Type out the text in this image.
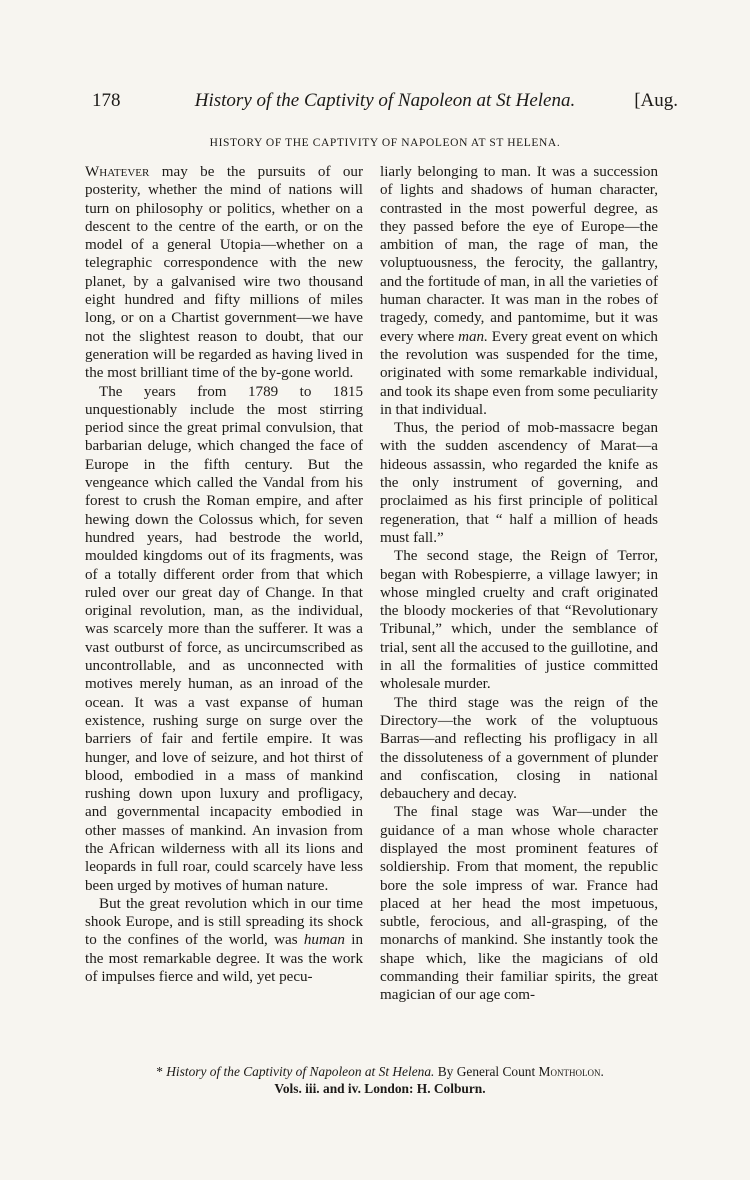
178	History of the Captivity of Napoleon at St Helena.	[Aug.
HISTORY OF THE CAPTIVITY OF NAPOLEON AT ST HELENA.

Whatever may be the pursuits of our posterity, whether the mind of nations will turn on philosophy or politics, whether on a descent to the centre of the earth, or on the model of a general Utopia—whether on a telegraphic correspondence with the new planet, by a galvanised wire two thousand eight hundred and fifty millions of miles long, or on a Chartist government—we have not the slightest reason to doubt, that our generation will be regarded as having lived in the most brilliant time of the by-gone world.

The years from 1789 to 1815 unquestionably include the most stirring period since the great primal convulsion, that barbarian deluge, which changed the face of Europe in the fifth century. But the vengeance which called the Vandal from his forest to crush the Roman empire, and after hewing down the Colossus which, for seven hundred years, had bestrode the world, moulded kingdoms out of its fragments, was of a totally different order from that which ruled over our great day of Change. In that original revolution, man, as the individual, was scarcely more than the sufferer. It was a vast outburst of force, as uncircumscribed as uncontrollable, and as unconnected with motives merely human, as an inroad of the ocean. It was a vast expanse of human existence, rushing surge on surge over the barriers of fair and fertile empire. It was hunger, and love of seizure, and hot thirst of blood, embodied in a mass of mankind rushing down upon luxury and profligacy, and governmental incapacity embodied in other masses of mankind. An invasion from the African wilderness with all its lions and leopards in full roar, could scarcely have less been urged by motives of human nature.

But the great revolution which in our time shook Europe, and is still spreading its shock to the confines of the world, was human in the most remarkable degree. It was the work of impulses fierce and wild, yet pecu-

liarly belonging to man. It was a succession of lights and shadows of human character, contrasted in the most powerful degree, as they passed before the eye of Europe—the ambition of man, the rage of man, the voluptuousness, the ferocity, the gallantry, and the fortitude of man, in all the varieties of human character. It was man in the robes of tragedy, comedy, and pantomime, but it was every where man. Every great event on which the revolution was suspended for the time, originated with some remarkable individual, and took its shape even from some peculiarity in that individual.

Thus, the period of mob-massacre began with the sudden ascendency of Marat—a hideous assassin, who regarded the knife as the only instrument of governing, and proclaimed as his first principle of political regeneration, that “ half a million of heads must fall.”

The second stage, the Reign of Terror, began with Robespierre, a village lawyer; in whose mingled cruelty and craft originated the bloody mockeries of that “Revolutionary Tribunal,” which, under the semblance of trial, sent all the accused to the guillotine, and in all the formalities of justice committed wholesale murder.

The third stage was the reign of the Directory—the work of the voluptuous Barras—and reflecting his profligacy in all the dissoluteness of a government of plunder and confiscation, closing in national debauchery and decay.

The final stage was War—under the guidance of a man whose whole character displayed the most prominent features of soldiership. From that moment, the republic bore the sole impress of war. France had placed at her head the most impetuous, subtle, ferocious, and all-grasping, of the monarchs of mankind. She instantly took the shape which, like the magicians of old commanding their familiar spirits, the great magician of our age com-

* History of the Captivity of Napoleon at St Helena. By General Count Montholon.
Vols. iii. and iv. London: H. Colburn.
